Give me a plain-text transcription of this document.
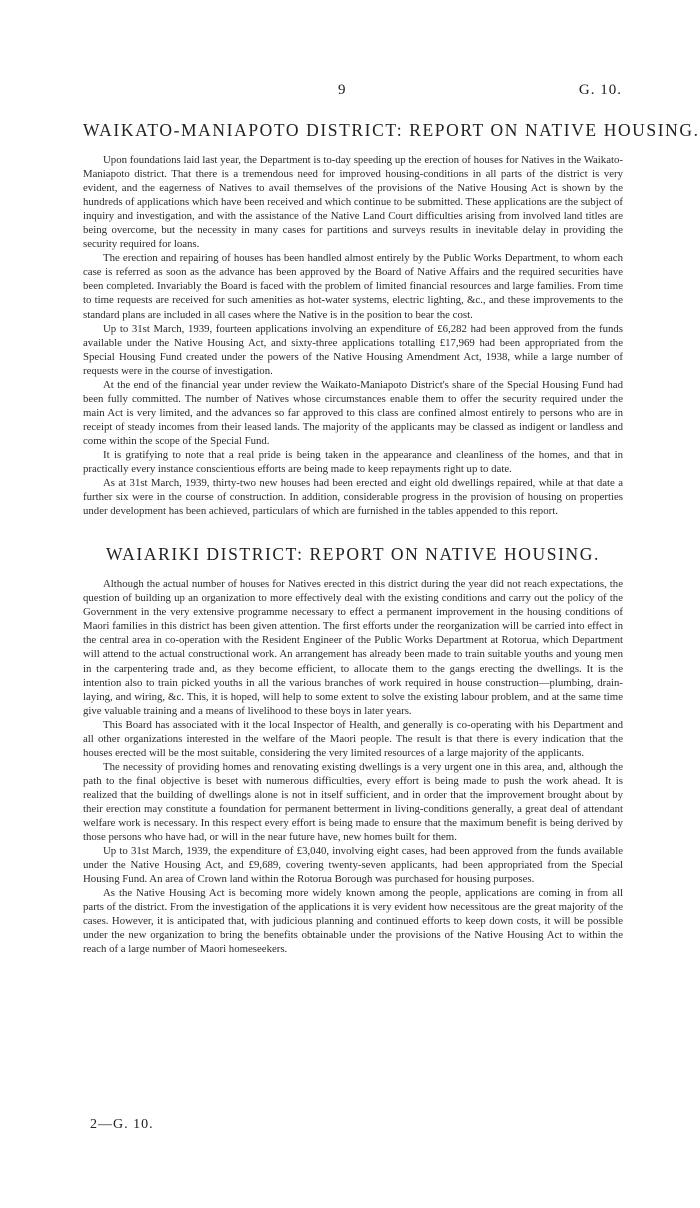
9	G. 10.
WAIKATO-MANIAPOTO DISTRICT: REPORT ON NATIVE HOUSING.

Upon foundations laid last year, the Department is to-day speeding up the erection of houses for Natives in the Waikato-Maniapoto district. That there is a tremendous need for improved housing-conditions in all parts of the district is very evident, and the eagerness of Natives to avail themselves of the provisions of the Native Housing Act is shown by the hundreds of applications which have been received and which continue to be submitted. These applications are the subject of inquiry and investigation, and with the assistance of the Native Land Court difficulties arising from involved land titles are being overcome, but the necessity in many cases for partitions and surveys results in inevitable delay in providing the security required for loans.

The erection and repairing of houses has been handled almost entirely by the Public Works Department, to whom each case is referred as soon as the advance has been approved by the Board of Native Affairs and the required securities have been completed. Invariably the Board is faced with the problem of limited financial resources and large families. From time to time requests are received for such amenities as hot-water systems, electric lighting, &c., and these improvements to the standard plans are included in all cases where the Native is in the position to bear the cost.

Up to 31st March, 1939, fourteen applications involving an expenditure of £6,282 had been approved from the funds available under the Native Housing Act, and sixty-three applications totalling £17,969 had been appropriated from the Special Housing Fund created under the powers of the Native Housing Amendment Act, 1938, while a large number of requests were in the course of investigation.

At the end of the financial year under review the Waikato-Maniapoto District's share of the Special Housing Fund had been fully committed. The number of Natives whose circumstances enable them to offer the security required under the main Act is very limited, and the advances so far approved to this class are confined almost entirely to persons who are in receipt of steady incomes from their leased lands. The majority of the applicants may be classed as indigent or landless and come within the scope of the Special Fund.

It is gratifying to note that a real pride is being taken in the appearance and cleanliness of the homes, and that in practically every instance conscientious efforts are being made to keep repayments right up to date.

As at 31st March, 1939, thirty-two new houses had been erected and eight old dwellings repaired, while at that date a further six were in the course of construction. In addition, considerable progress in the provision of housing on properties under development has been achieved, particulars of which are furnished in the tables appended to this report.

WAIARIKI DISTRICT: REPORT ON NATIVE HOUSING.

Although the actual number of houses for Natives erected in this district during the year did not reach expectations, the question of building up an organization to more effectively deal with the existing conditions and carry out the policy of the Government in the very extensive programme necessary to effect a permanent improvement in the housing conditions of Maori families in this district has been given attention. The first efforts under the reorganization will be carried into effect in the central area in co-operation with the Resident Engineer of the Public Works Department at Rotorua, which Department will attend to the actual constructional work. An arrangement has already been made to train suitable youths and young men in the carpentering trade and, as they become efficient, to allocate them to the gangs erecting the dwellings. It is the intention also to train picked youths in all the various branches of work required in house construction—plumbing, drain-laying, and wiring, &c. This, it is hoped, will help to some extent to solve the existing labour problem, and at the same time give valuable training and a means of livelihood to these boys in later years.

This Board has associated with it the local Inspector of Health, and generally is co-operating with his Department and all other organizations interested in the welfare of the Maori people. The result is that there is every indication that the houses erected will be the most suitable, considering the very limited resources of a large majority of the applicants.

The necessity of providing homes and renovating existing dwellings is a very urgent one in this area, and, although the path to the final objective is beset with numerous difficulties, every effort is being made to push the work ahead. It is realized that the building of dwellings alone is not in itself sufficient, and in order that the improvement brought about by their erection may constitute a foundation for permanent betterment in living-conditions generally, a great deal of attendant welfare work is necessary. In this respect every effort is being made to ensure that the maximum benefit is being derived by those persons who have had, or will in the near future have, new homes built for them.

Up to 31st March, 1939, the expenditure of £3,040, involving eight cases, had been approved from the funds available under the Native Housing Act, and £9,689, covering twenty-seven applicants, had been appropriated from the Special Housing Fund. An area of Crown land within the Rotorua Borough was purchased for housing purposes.

As the Native Housing Act is becoming more widely known among the people, applications are coming in from all parts of the district. From the investigation of the applications it is very evident how necessitous are the great majority of the cases. However, it is anticipated that, with judicious planning and continued efforts to keep down costs, it will be possible under the new organization to bring the benefits obtainable under the provisions of the Native Housing Act to within the reach of a large number of Maori homeseekers.

2—G. 10.
